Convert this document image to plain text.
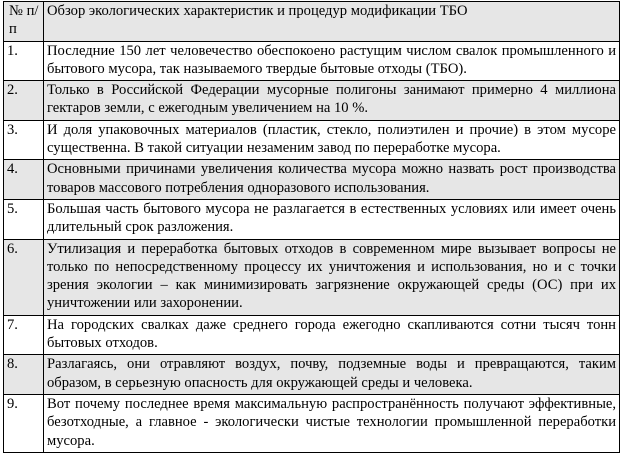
№ п/п	Обзор экологических характеристик и процедур модификации ТБО
1.	Последние 150 лет человечество обеспокоено растущим числом свалок промышленного и бытового мусора, так называемого твердые бытовые отходы (ТБО).
2.	Только в Российской Федерации мусорные полигоны занимают примерно 4 миллиона гектаров земли, с ежегодным увеличением на 10 %.
3.	И доля упаковочных материалов (пластик, стекло, полиэтилен и прочие) в этом мусоре существенна. В такой ситуации незаменим завод по переработке мусора.
4.	Основными причинами увеличения количества мусора можно назвать рост производства товаров массового потребления одноразового использования.
5.	Большая часть бытового мусора не разлагается в естественных условиях или имеет очень длительный срок разложения.
6.	Утилизация и переработка бытовых отходов в современном мире вызывает вопросы не только по непосредственному процессу их уничтожения и использования, но и с точки зрения экологии – как минимизировать загрязнение окружающей среды (ОС) при их уничтожении или захоронении.
7.	На городских свалках даже среднего города ежегодно скапливаются сотни тысяч тонн бытовых отходов.
8.	Разлагаясь, они отравляют воздух, почву, подземные воды и превращаются, таким образом, в серьезную опасность для окружающей среды и человека.
9.	Вот почему последнее время максимальную распространённость получают эффективные, безотходные, а главное - экологически чистые технологии промышленной переработки мусора.
